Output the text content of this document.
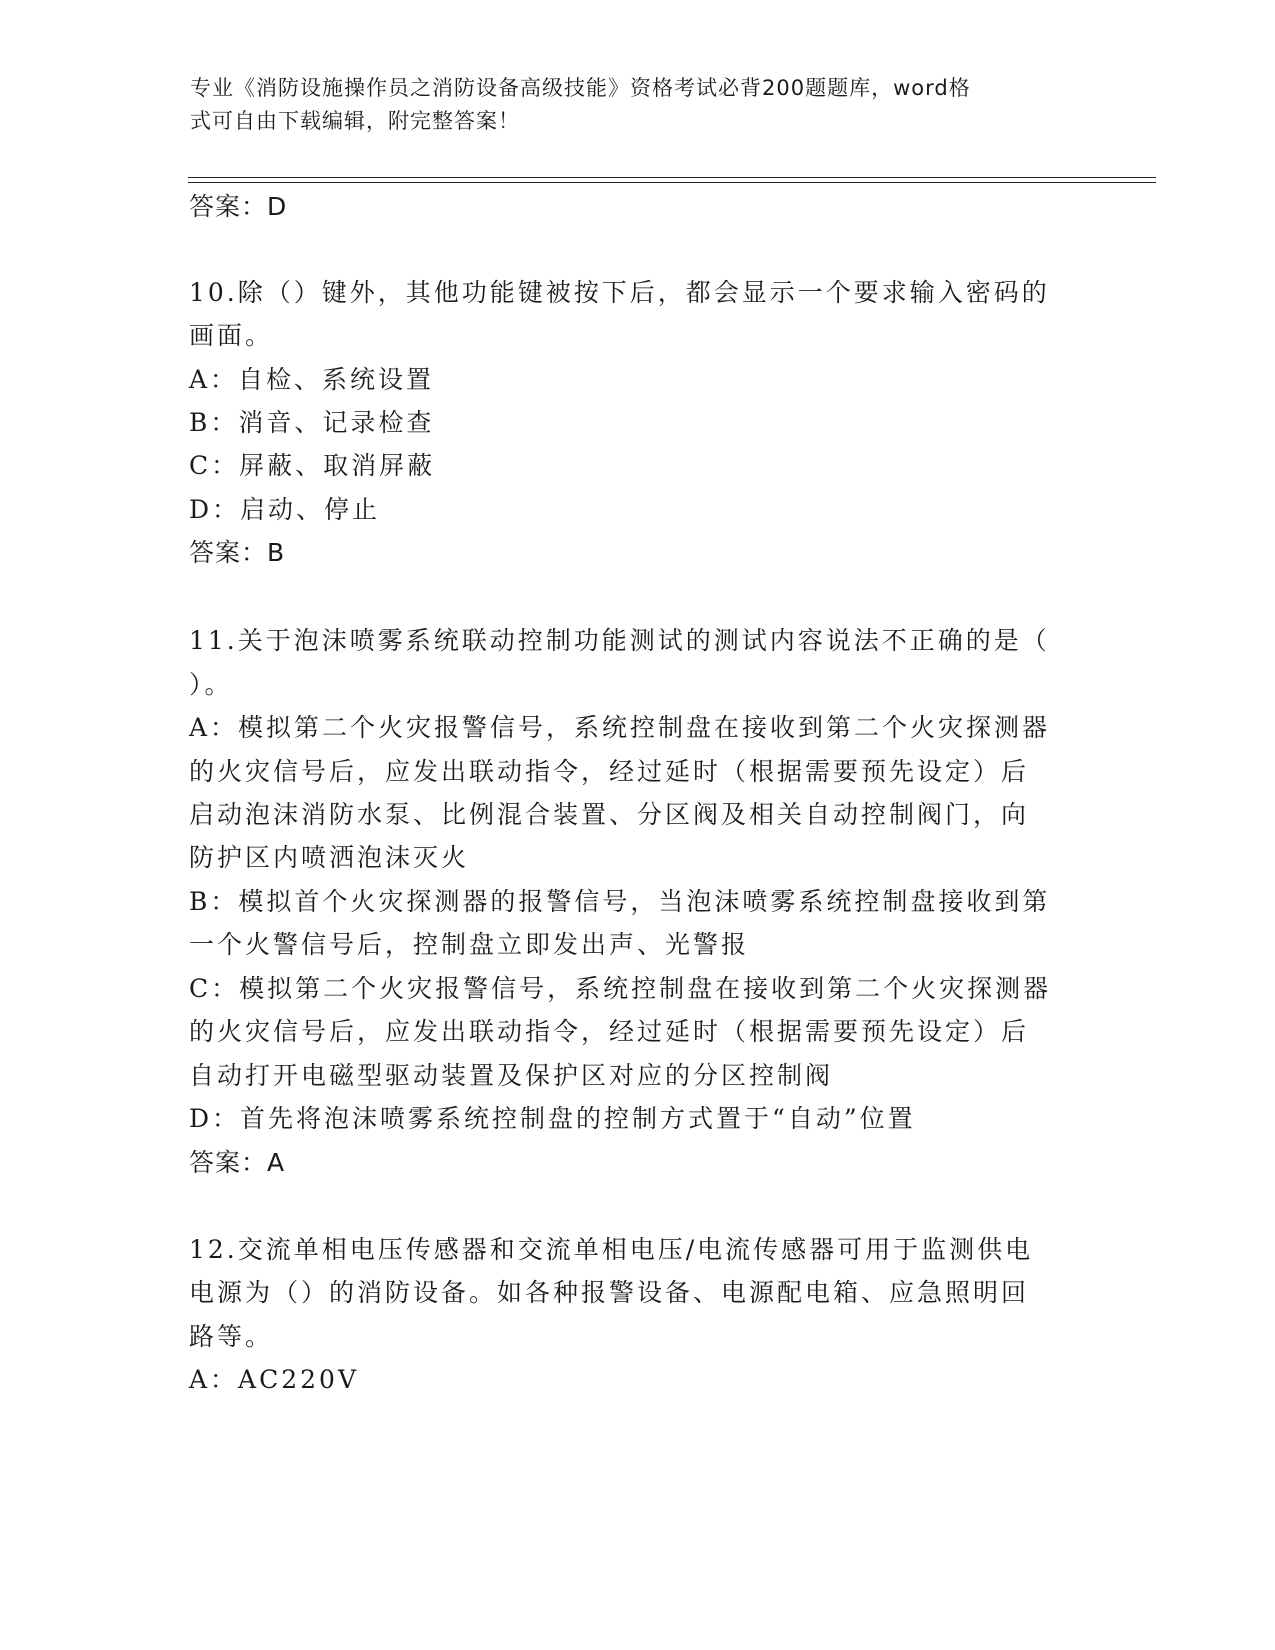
专业《消防设施操作员之消防设备高级技能》资格考试必背200题题库，word格
式可自由下载编辑，附完整答案！
答案：D
10.除（）键外，其他功能键被按下后，都会显示一个要求输入密码的
画面。
A：自检、系统设置
B：消音、记录检查
C：屏蔽、取消屏蔽
D：启动、停止
答案：B
11.关于泡沫喷雾系统联动控制功能测试的测试内容说法不正确的是（
）。
A：模拟第二个火灾报警信号，系统控制盘在接收到第二个火灾探测器
的火灾信号后，应发出联动指令，经过延时（根据需要预先设定）后
启动泡沫消防水泵、比例混合装置、分区阀及相关自动控制阀门，向
防护区内喷洒泡沫灭火
B：模拟首个火灾探测器的报警信号，当泡沫喷雾系统控制盘接收到第
一个火警信号后，控制盘立即发出声、光警报
C：模拟第二个火灾报警信号，系统控制盘在接收到第二个火灾探测器
的火灾信号后，应发出联动指令，经过延时（根据需要预先设定）后
自动打开电磁型驱动装置及保护区对应的分区控制阀
D：首先将泡沫喷雾系统控制盘的控制方式置于“自动”位置
答案：A
12.交流单相电压传感器和交流单相电压/电流传感器可用于监测供电
电源为（）的消防设备。如各种报警设备、电源配电箱、应急照明回
路等。
A：AC220V
